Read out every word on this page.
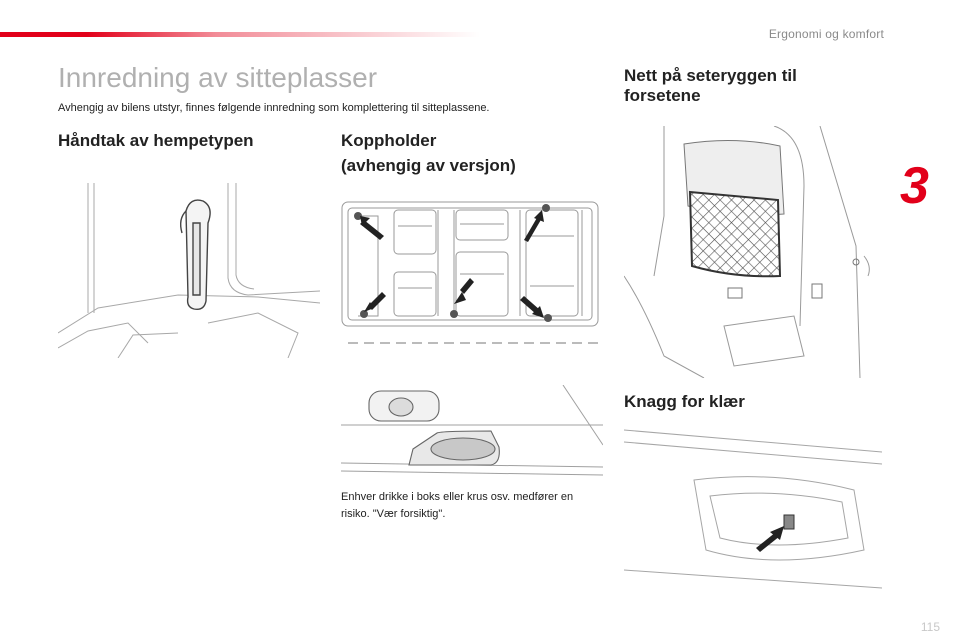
Ergonomi og komfort
3
Innredning av sitteplasser
Avhengig av bilens utstyr, finnes følgende innredning som komplettering til sitteplassene.
Håndtak av hempetypen	Koppholder
(avhengig av versjon)
Enhver drikke i boks eller krus osv. medfører en
risiko. "Vær forsiktig".
Nett på seteryggen til
forsetene
Knagg for klær
115
